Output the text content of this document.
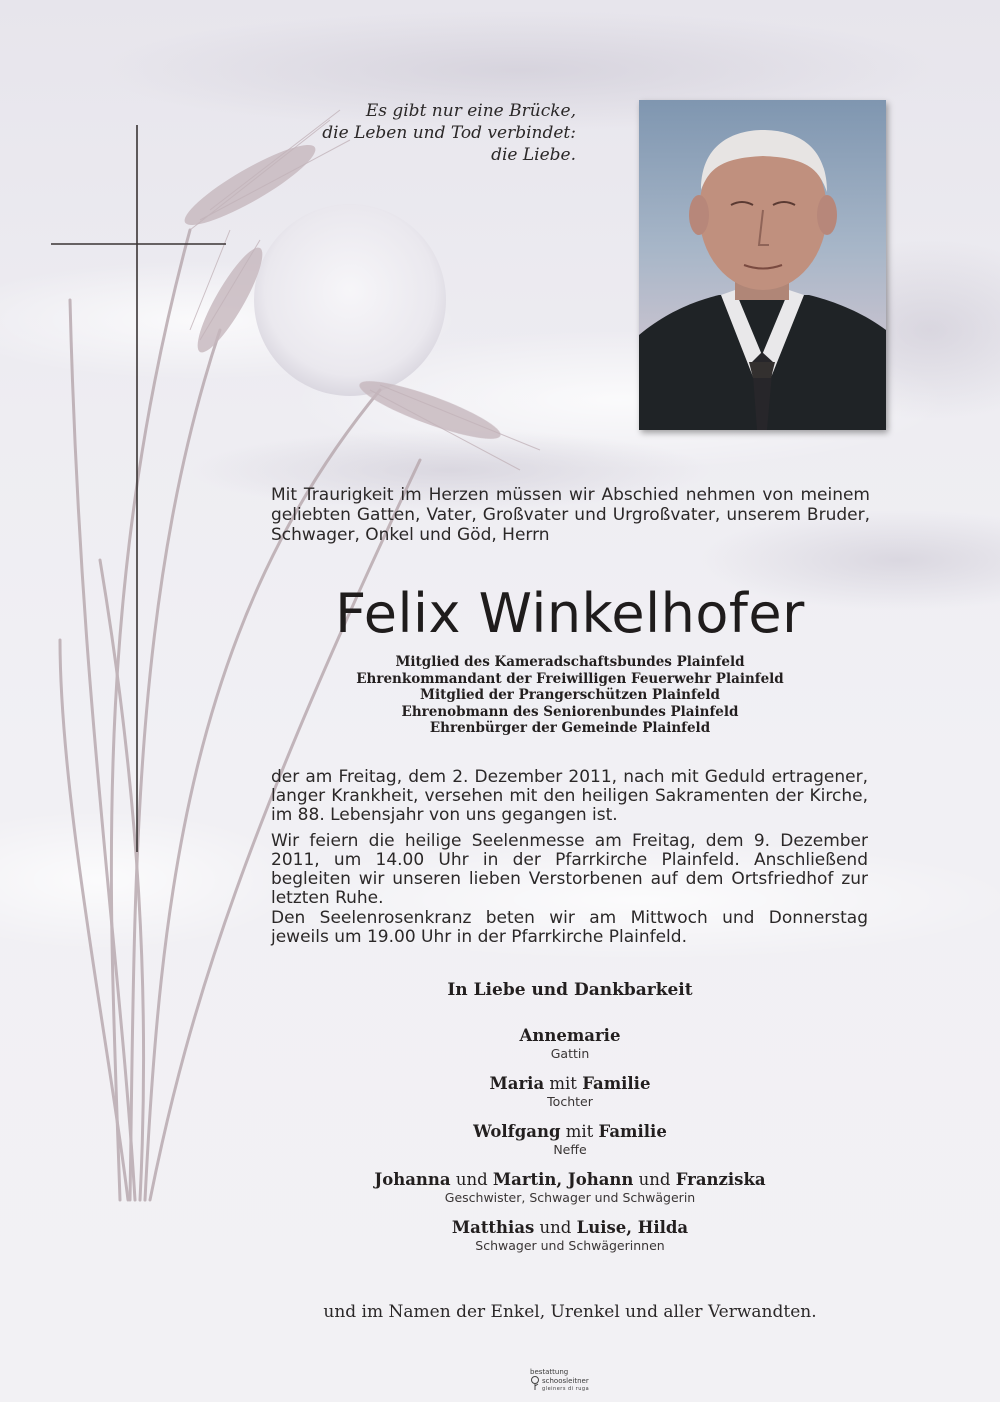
Es gibt nur eine Brücke,
die Leben und Tod verbindet:
die Liebe.

Mit Traurigkeit im Herzen müssen wir Abschied nehmen von meinem geliebten Gatten, Vater, Großvater und Urgroßvater, unserem Bruder, Schwager, Onkel und Göd, Herrn

Felix Winkelhofer
Mitglied des Kameradschaftsbundes Plainfeld
Ehrenkommandant der Freiwilligen Feuerwehr Plainfeld
Mitglied der Prangerschützen Plainfeld
Ehrenobmann des Seniorenbundes Plainfeld
Ehrenbürger der Gemeinde Plainfeld

der am Freitag, dem 2. Dezember 2011, nach mit Geduld ertragener, langer Krankheit, versehen mit den heiligen Sakramenten der Kirche, im 88. Lebensjahr von uns gegangen ist.

Wir feiern die heilige Seelenmesse am Freitag, dem 9. Dezember 2011, um 14.00 Uhr in der Pfarrkirche Plainfeld. Anschließend begleiten wir unseren lieben Verstorbenen auf dem Ortsfriedhof zur letzten Ruhe.

Den Seelenrosenkranz beten wir am Mittwoch und Donnerstag jeweils um 19.00 Uhr in der Pfarrkirche Plainfeld.

In Liebe und Dankbarkeit

Annemarie
Gattin
Maria mit Familie
Tochter
Wolfgang mit Familie
Neffe
Johanna und Martin, Johann und Franziska
Geschwister, Schwager und Schwägerin
Matthias und Luise, Hilda
Schwager und Schwägerinnen

und im Namen der Enkel, Urenkel und aller Verwandten.

bestattung
schoosleitner
gleiners di ruga
